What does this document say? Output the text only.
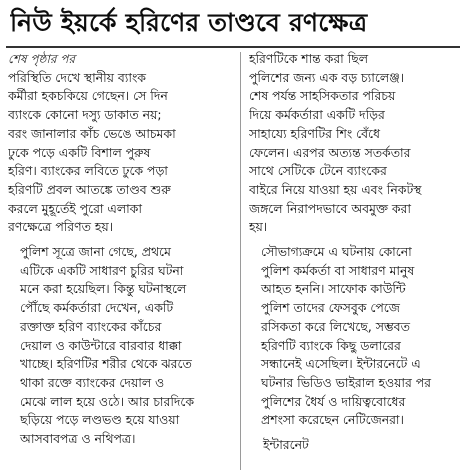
নিউ ইয়র্কে হরিণের তাণ্ডবে রণক্ষেত্র
শেষ পৃষ্ঠার পর
পরিস্থিতি দেখে স্থানীয় ব্যাংক
কর্মীরা হকচকিয়ে গেছেন। সে দিন
ব্যাংকে কোনো দস্যু ডাকাত নয়;
বরং জানালার কাঁচ ভেঙে আচমকা
ঢুকে পড়ে একটি বিশাল পুরুষ
হরিণ। ব্যাংকের লবিতে ঢুকে পড়া
হরিণটি প্রবল আতঙ্কে তাণ্ডব শুরু
করলে মুহূর্তেই পুরো এলাকা
রণক্ষেত্রে পরিণত হয়।
পুলিশ সূত্রে জানা গেছে, প্রথমে
এটিকে একটি সাধারণ চুরির ঘটনা
মনে করা হয়েছিল। কিন্তু ঘটনাস্থলে
পৌঁছে কর্মকর্তারা দেখেন, একটি
রক্তাক্ত হরিণ ব্যাংকের কাঁচের
দেয়াল ও কাউন্টারে বারবার ধাক্কা
খাচ্ছে। হরিণটির শরীর থেকে ঝরতে
থাকা রক্তে ব্যাংকের দেয়াল ও
মেঝে লাল হয়ে ওঠে। আর চারদিকে
ছড়িয়ে পড়ে লণ্ডভণ্ড হয়ে যাওয়া
আসবাবপত্র ও নথিপত্র।
হরিণটিকে শান্ত করা ছিল
পুলিশের জন্য এক বড় চ্যালেঞ্জ।
শেষ পর্যন্ত সাহসিকতার পরিচয়
দিয়ে কর্মকর্তারা একটি দড়ির
সাহায্যে হরিণটির শিং বেঁধে
ফেলেন। এরপর অত্যন্ত সতর্কতার
সাথে সেটিকে টেনে ব্যাংকের
বাইরে নিয়ে যাওয়া হয় এবং নিকটস্থ
জঙ্গলে নিরাপদভাবে অবমুক্ত করা
হয়।
সৌভাগ্যক্রমে এ ঘটনায় কোনো
পুলিশ কর্মকর্তা বা সাধারণ মানুষ
আহত হননি। সাফোক কাউন্টি
পুলিশ তাদের ফেসবুক পেজে
রসিকতা করে লিখেছে, সম্ভবত
হরিণটি ব্যাংকে কিছু ডলারের
সন্ধানেই এসেছিল। ইন্টারনেটে এ
ঘটনার ভিডিও ভাইরাল হওয়ার পর
পুলিশের ধৈর্য ও দায়িত্ববোধের
প্রশংসা করেছেন নেটিজেনরা।
ইন্টারনেট
